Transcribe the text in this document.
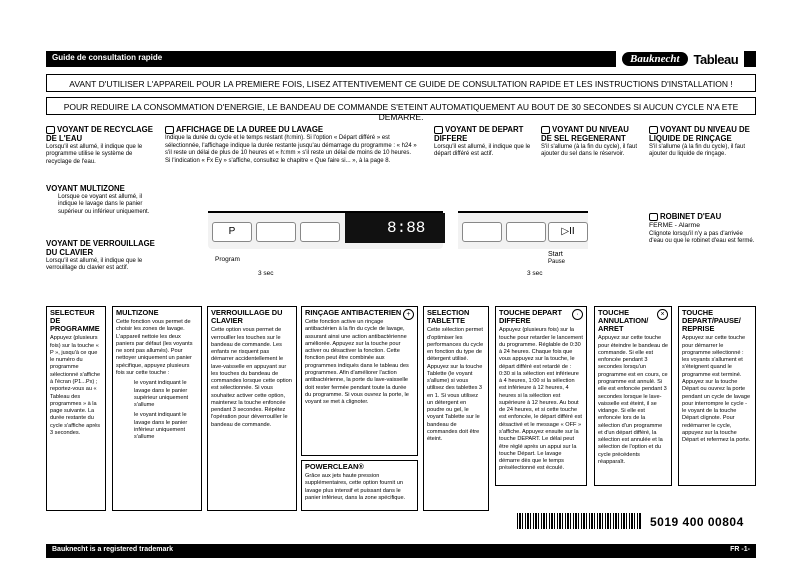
Guide de consultation rapide	Bauknecht	Tableau
AVANT D'UTILISER L'APPAREIL POUR LA PREMIERE FOIS, LISEZ ATTENTIVEMENT CE GUIDE DE CONSULTATION RAPIDE ET LES INSTRUCTIONS D'INSTALLATION !
POUR REDUIRE LA CONSOMMATION D'ENERGIE, LE BANDEAU DE COMMANDE S'ETEINT AUTOMATIQUEMENT AU BOUT DE 30 SECONDES SI AUCUN CYCLE N'A ETE DEMARRE.
VOYANT DE RECYCLAGE DE L'EAU
Lorsqu'il est allumé, il indique que le programme utilise le système de recyclage de l'eau.
VOYANT MULTIZONE
Lorsque ce voyant est allumé, il indique le lavage dans le panier supérieur ou inférieur uniquement.
VOYANT DE VERROUILLAGE DU CLAVIER
Lorsqu'il est allumé, il indique que le verrouillage du clavier est actif.
AFFICHAGE DE LA DUREE DU LAVAGE
Indique la durée du cycle et le temps restant (h:min). Si l'option « Départ différé » est sélectionnée, l'affichage indique la durée restante jusqu'au démarrage du programme : « h24 » s'il reste un délai de plus de 10 heures et « h:mm » s'il reste un délai de moins de 10 heures.
Si l'indication « Fx Ey » s'affiche, consultez le chapitre « Que faire si... », à la page 8.
VOYANT DE DEPART DIFFERE
Lorsqu'il est allumé, il indique que le départ différé est actif.
VOYANT DU NIVEAU DE SEL REGENERANT
S'il s'allume (à la fin du cycle), il faut ajouter du sel dans le réservoir.
VOYANT DU NIVEAU DE LIQUIDE DE RINÇAGE
S'il s'allume (à la fin du cycle), il faut ajouter du liquide de rinçage.
ROBINET D'EAU
FERME - Alarme
Clignote lorsqu'il n'y a pas d'arrivée d'eau ou que le robinet d'eau est fermé.
P	8:88	▷II
Program
3 sec
Start
Pause
3 sec
SELECTEUR DE PROGRAMME
Appuyez (plusieurs fois) sur la touche « P », jusqu'à ce que le numéro du programme sélectionné s'affiche à l'écran (P1...Px) ; reportez-vous au « Tableau des programmes » à la page suivante. La durée restante du cycle s'affiche après 3 secondes.
MULTIZONE
Cette fonction vous permet de choisir les zones de lavage. L'appareil nettoie les deux paniers par défaut (les voyants ne sont pas allumés). Pour nettoyer uniquement un panier spécifique, appuyez plusieurs fois sur cette touche :
le voyant indiquant le lavage dans le panier supérieur uniquement s'allume
le voyant indiquant le lavage dans le panier inférieur uniquement s'allume
VERROUILLAGE DU CLAVIER
Cette option vous permet de verrouiller les touches sur le bandeau de commande. Les enfants ne risquent pas démarrer accidentellement le lave-vaisselle en appuyant sur les touches du bandeau de commandes lorsque cette option est sélectionnée. Si vous souhaitez activer cette option, maintenez la touche enfoncée pendant 3 secondes. Répétez l'opération pour déverrouiller le bandeau de commande.
+
RINÇAGE ANTIBACTERIEN
Cette fonction active un rinçage antibactérien à la fin du cycle de lavage, assurant ainsi une action antibactérienne améliorée. Appuyez sur la touche pour activer ou désactiver la fonction. Cette fonction peut être combinée aux programmes indiqués dans le tableau des programmes. Afin d'améliorer l'action antibactérienne, la porte du lave-vaisselle doit rester fermée pendant toute la durée du programme. Si vous ouvrez la porte, le voyant se met à clignoter.
POWERCLEAN®
Grâce aux jets haute pression supplémentaires, cette option fournit un lavage plus intensif et puissant dans le panier inférieur, dans la zone spécifique.
SELECTION TABLETTE
Cette sélection permet d'optimiser les performances du cycle en fonction du type de détergent utilisé. Appuyez sur la touche Tablette (le voyant s'allume) si vous utilisez des tablettes 3 en 1. Si vous utilisez un détergent en poudre ou gel, le voyant Tablette sur le bandeau de commandes doit être éteint.
·
TOUCHE DEPART DIFFERE
Appuyez (plusieurs fois) sur la touche pour retarder le lancement du programme. Réglable de 0:30 à 24 heures. Chaque fois que vous appuyez sur la touche, le départ différé est retardé de : 0:30 si la sélection est inférieure à 4 heures, 1:00 si la sélection est inférieure à 12 heures, 4 heures si la sélection est supérieure à 12 heures. Au bout de 24 heures, et si cette touche est enfoncée, le départ différé est désactivé et le message « OFF » s'affiche. Appuyez ensuite sur la touche DEPART. Le délai peut être réglé après un appui sur la touche Départ. Le lavage démarre dès que le temps présélectionné est écoulé.
×
TOUCHE ANNULATION/ ARRET
Appuyez sur cette touche pour éteindre le bandeau de commande. Si elle est enfoncée pendant 3 secondes lorsqu'un programme est en cours, ce programme est annulé. Si elle est enfoncée pendant 3 secondes lorsque le lave-vaisselle est éteint, il se vidange. Si elle est enfoncée lors de la sélection d'un programme et d'un départ différé, la sélection est annulée et la sélection de l'option et du cycle précédents réapparaît.
TOUCHE DEPART/PAUSE/ REPRISE
Appuyez sur cette touche pour démarrer le programme sélectionné : les voyants s'allument et s'éteignent quand le programme est terminé. Appuyez sur la touche Départ ou ouvrez la porte pendant un cycle de lavage pour interrompre le cycle - le voyant de la touche Départ clignote. Pour redémarrer le cycle, appuyez sur la touche Départ et refermez la porte.
5019 400 00804
Bauknecht is a registered trademark	FR -1-
